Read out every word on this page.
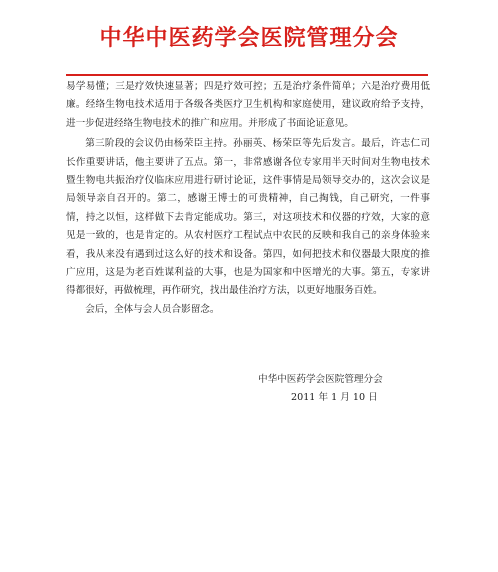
中华中医药学会医院管理分会

易学易懂；三是疗效快速显著；四是疗效可控；五是治疗条件简单；六是治疗费用低廉。经络生物电技术适用于各级各类医疗卫生机构和家庭使用，建议政府给予支持，进一步促进经络生物电技术的推广和应用。并形成了书面论证意见。

第三阶段的会议仍由杨荣臣主持。孙丽英、杨荣臣等先后发言。最后，许志仁司长作重要讲话，他主要讲了五点。第一，非常感谢各位专家用半天时间对生物电技术暨生物电共振治疗仪临床应用进行研讨论证，这件事情是局领导交办的，这次会议是局领导亲自召开的。第二，感谢王博士的可贵精神，自己掏钱，自己研究，一件事情，持之以恒，这样做下去肯定能成功。第三，对这项技术和仪器的疗效，大家的意见是一致的，也是肯定的。从农村医疗工程试点中农民的反映和我自己的亲身体验来看，我从来没有遇到过这么好的技术和设备。第四，如何把技术和仪器最大限度的推广应用，这是为老百姓谋利益的大事，也是为国家和中医增光的大事。第五，专家讲得都很好，再做梳理，再作研究，找出最佳治疗方法，以更好地服务百姓。

会后，全体与会人员合影留念。

中华中医药学会医院管理分会
2011 年 1 月 10 日
